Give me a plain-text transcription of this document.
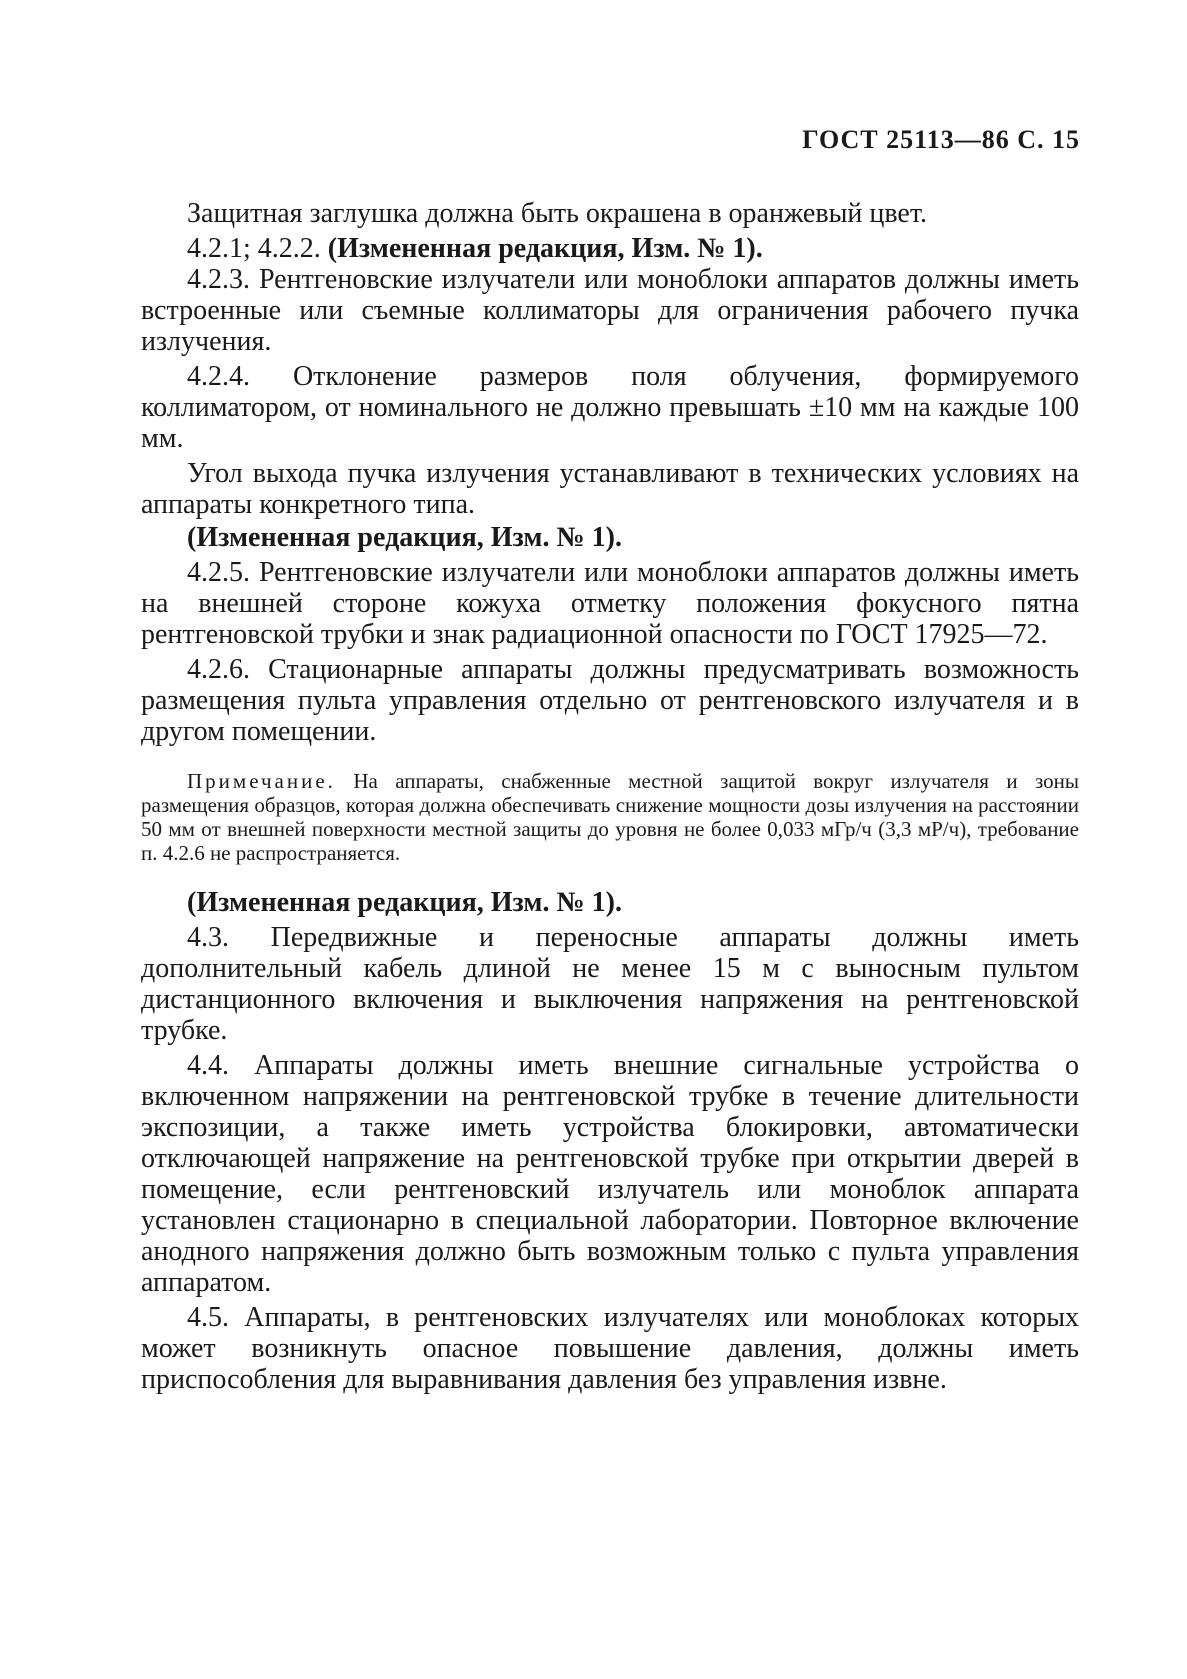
ГОСТ 25113—86 С. 15

Защитная заглушка должна быть окрашена в оранжевый цвет.

4.2.1; 4.2.2. (Измененная редакция, Изм. № 1).

4.2.3. Рентгеновские излучатели или моноблоки аппаратов должны иметь встроенные или съемные коллиматоры для ограничения рабочего пучка излучения.

4.2.4. Отклонение размеров поля облучения, формируемого коллиматором, от номинального не должно превышать ±10 мм на каждые 100 мм.

Угол выхода пучка излучения устанавливают в технических условиях на аппараты конкретного типа.

(Измененная редакция, Изм. № 1).

4.2.5. Рентгеновские излучатели или моноблоки аппаратов должны иметь на внешней стороне кожуха отметку положения фокусного пятна рентгеновской трубки и знак радиационной опасности по ГОСТ 17925—72.

4.2.6. Стационарные аппараты должны предусматривать возможность размещения пульта управления отдельно от рентгеновского излучателя и в другом помещении.

Примечание. На аппараты, снабженные местной защитой вокруг излучателя и зоны размещения образцов, которая должна обеспечивать снижение мощности дозы излучения на расстоянии 50 мм от внешней поверхности местной защиты до уровня не более 0,033 мГр/ч (3,3 мР/ч), требование п. 4.2.6 не распространяется.

(Измененная редакция, Изм. № 1).

4.3. Передвижные и переносные аппараты должны иметь дополнительный кабель длиной не менее 15 м с выносным пультом дистанционного включения и выключения напряжения на рентгеновской трубке.

4.4. Аппараты должны иметь внешние сигнальные устройства о включенном напряжении на рентгеновской трубке в течение длительности экспозиции, а также иметь устройства блокировки, автоматически отключающей напряжение на рентгеновской трубке при открытии дверей в помещение, если рентгеновский излучатель или моноблок аппарата установлен стационарно в специальной лаборатории. Повторное включение анодного напряжения должно быть возможным только с пульта управления аппаратом.

4.5. Аппараты, в рентгеновских излучателях или моноблоках которых может возникнуть опасное повышение давления, должны иметь приспособления для выравнивания давления без управления извне.
